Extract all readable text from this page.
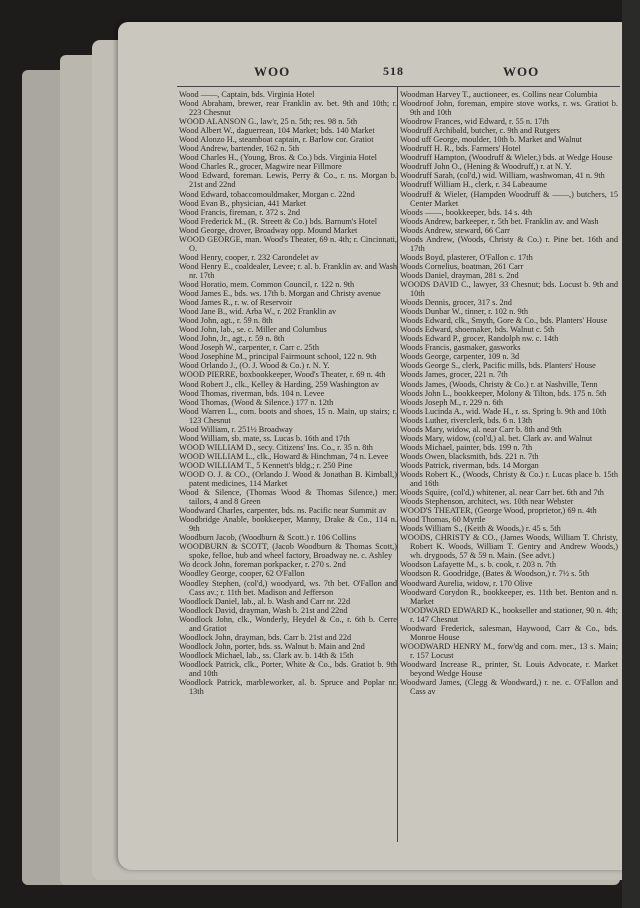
WOO	518	WOO
Wood ——, Captain, bds. Virginia Hotel
Wood Abraham, brewer, rear Franklin av. bet. 9th and 10th; r. 223 Chesnut
WOOD ALANSON G., law'r, 25 n. 5th; res. 98 n. 5th
Wood Albert W., daguerrean, 104 Market; bds. 140 Market
Wood Alonzo H., steamboat captain, r. Barlow cor. Gratiot
Wood Andrew, bartender, 162 n. 5th
Wood Charles H., (Young, Bros. & Co.) bds. Virginia Hotel
Wood Charles R., grocer, Magwire near Fillmore
Wood Edward, foreman. Lewis, Perry & Co., r. ns. Morgan b. 21st and 22nd
Wood Edward, tobaccomouldmaker, Morgan c. 22nd
Wood Evan B., physician, 441 Market
Wood Francis, fireman, r. 372 s. 2nd
Wood Frederick M., (R. Streett & Co.) bds. Barnum's Hotel
Wood George, drover, Broadway opp. Mound Market
WOOD GEORGE, man. Wood's Theater, 69 n. 4th; r. Cincinnati, O.
Wood Henry, cooper, r. 232 Carondelet av
Wood Henry E., coaldealer, Levee; r. al. b. Franklin av. and Wash nr. 17th
Wood Horatio, mem. Common Council, r. 122 n. 9th
Wood James E., bds. ws. 17th b. Morgan and Christy avenue
Wood James R., r. w. of Reservoir
Wood Jane B., wid. Arba W., r. 202 Franklin av
Wood John, agt., r. 59 n. 8th
Wood John, lab., se. c. Miller and Columbus
Wood John, Jr., agt., r. 59 n. 8th
Wood Joseph W., carpenter, r. Carr c. 25th
Wood Josephine M., principal Fairmount school, 122 n. 9th
Wood Orlando J., (O. J. Wood & Co.) r. N. Y.
WOOD PIERRE, boxbookkeeper, Wood's Theater, r. 69 n. 4th
Wood Robert J., clk., Kelley & Harding, 259 Washington av
Wood Thomas, riverman, bds. 104 n. Levee
Wood Thomas, (Wood & Silence.) 177 n. 12th
Wood Warren L., com. boots and shoes, 15 n. Main, up stairs; r. 123 Chesnut
Wood William, r. 251½ Broadway
Wood William, sb. mate, ss. Lucas b. 16th and 17th
WOOD WILLIAM D., secy. Citizens' Ins. Co., r. 35 n. 8th
WOOD WILLIAM L., clk., Howard & Hinchman, 74 n. Levee
WOOD WILLIAM T., 5 Kennett's bldg.; r. 250 Pine
WOOD O. J. & CO., (Orlando J. Wood & Jonathan B. Kimball,) patent medicines, 114 Market
Wood & Silence, (Thomas Wood & Thomas Silence,) mer. tailors, 4 and 8 Green
Woodward Charles, carpenter, bds. ns. Pacific near Summit av
Woodbridge Anable, bookkeeper, Manny, Drake & Co., 114 n. 9th
Woodburn Jacob, (Woodburn & Scott.) r. 106 Collins
WOODBURN & SCOTT, (Jacob Woodburn & Thomas Scott,) spoke, felloe, hub and wheel factory, Broadway ne. c. Ashley
Wo dcock John, foreman porkpacker, r. 270 s. 2nd
Woodley George, cooper, 62 O'Fallon
Woodley Stephen, (col'd,) woodyard, ws. 7th bet. O'Fallon and Cass av.; r. 11th bet. Madison and Jefferson
Woodlock Daniel, lab., al. b. Wash and Carr nr. 22d
Woodlock David, drayman, Wash b. 21st and 22nd
Woodlock John, clk., Wonderly, Heydel & Co., r. 6th b. Cerre and Gratiot
Woodlock John, drayman, bds. Carr b. 21st and 22d
Woodlock John, porter, bds. ss. Walnut b. Main and 2nd
Woodlock Michael, lab., ss. Clark av. b. 14th & 15th
Woodlock Patrick, clk., Porter, White & Co., bds. Gratiot b. 9th and 10th
Woodlock Patrick, marbleworker, al. b. Spruce and Poplar nr. 13th
Woodman Harvey T., auctioneer, es. Collins near Columbia
Woodroof John, foreman, empire stove works, r. ws. Gratiot b. 9th and 10th
Woodrow Frances, wid Edward, r. 55 n. 17th
Woodruff Archibald, butcher, c. 9th and Rutgers
Wood uff George, moulder, 10th b. Market and Walnut
Woodruff H. R., bds. Farmers' Hotel
Woodruff Hampton, (Woodruff & Wieler,) bds. at Wedge House
Woodruff John O., (Hening & Woodruff,) r. at N. Y.
Woodruff Sarah, (col'd,) wid. William, washwoman, 41 n. 9th
Woodruff William H., clerk, r. 34 Labeaume
Woodruff & Wieler, (Hampden Woodruff & ——,) butchers, 15 Center Market
Woods ——, bookkeeper, bds. 14 s. 4th
Woods Andrew, barkeeper, r. 5th bet. Franklin av. and Wash
Woods Andrew, steward, 66 Carr
Woods Andrew, (Woods, Christy & Co.) r. Pine bet. 16th and 17th
Woods Boyd, plasterer, O'Fallon c. 17th
Woods Cornelius, boatman, 261 Carr
Woods Daniel, drayman, 281 s. 2nd
WOODS DAVID C., lawyer, 33 Chesnut; bds. Locust b. 9th and 10th
Woods Dennis, grocer, 317 s. 2nd
Woods Dunbar W., tinner, r. 102 n. 9th
Woods Edward, clk., Smyth, Gore & Co., bds. Planters' House
Woods Edward, shoemaker, bds. Walnut c. 5th
Woods Edward P., grocer, Randolph nw. c. 14th
Woods Francis, gasmaker, gasworks
Woods George, carpenter, 109 n. 3d
Woods George S., clerk, Pacific mills, bds. Planters' House
Woods James, grocer, 221 n. 7th
Woods James, (Woods, Christy & Co.) r. at Nashville, Tenn
Woods John L., bookkeeper, Molony & Tilton, bds. 175 n. 5th
Woods Joseph M., r. 229 n. 6th
Woods Lucinda A., wid. Wade H., r. ss. Spring b. 9th and 10th
Woods Luther, riverclerk, bds. 6 n. 13th
Woods Mary, widow, al. near Carr b. 8th and 9th
Woods Mary, widow, (col'd,) al. bet. Clark av. and Walnut
Woods Michael, painter, bds. 199 n. 7th
Woods Owen, blacksmith, bds. 221 n. 7th
Woods Patrick, riverman, bds. 14 Morgan
Woods Robert K., (Woods, Christy & Co.) r. Lucas place b. 15th and 16th
Woods Squire, (col'd,) whitener, al. near Carr bet. 6th and 7th
Woods Stephenson, architect, ws. 10th near Webster
WOOD'S THEATER, (George Wood, proprietor,) 69 n. 4th
Wood Thomas, 60 Myrtle
Woods William S., (Keith & Woods,) r. 45 s. 5th
WOODS, CHRISTY & CO., (James Woods, William T. Christy, Robert K. Woods, William T. Gentry and Andrew Woods,) wh. drygoods, 57 & 59 n. Main. (See advt.)
Woodson Lafayette M., s. b. cook, r. 203 n. 7th
Woodson R. Goodridge, (Bates & Woodson,) r. 7½ s. 5th
Woodward Aurelia, widow, r. 170 Olive
Woodward Corydon R., bookkeeper, es. 11th bet. Benton and n. Market
WOODWARD EDWARD K., bookseller and stationer, 90 n. 4th; r. 147 Chesnut
Woodward Frederick, salesman, Haywood, Carr & Co., bds. Monroe House
WOODWARD HENRY M., forw'dg and com. mer., 13 s. Main; r. 157 Locust
Woodward Increase R., printer, St. Louis Advocate, r. Market beyond Wedge House
Woodward James, (Clegg & Woodward,) r. ne. c. O'Fallon and Cass av
